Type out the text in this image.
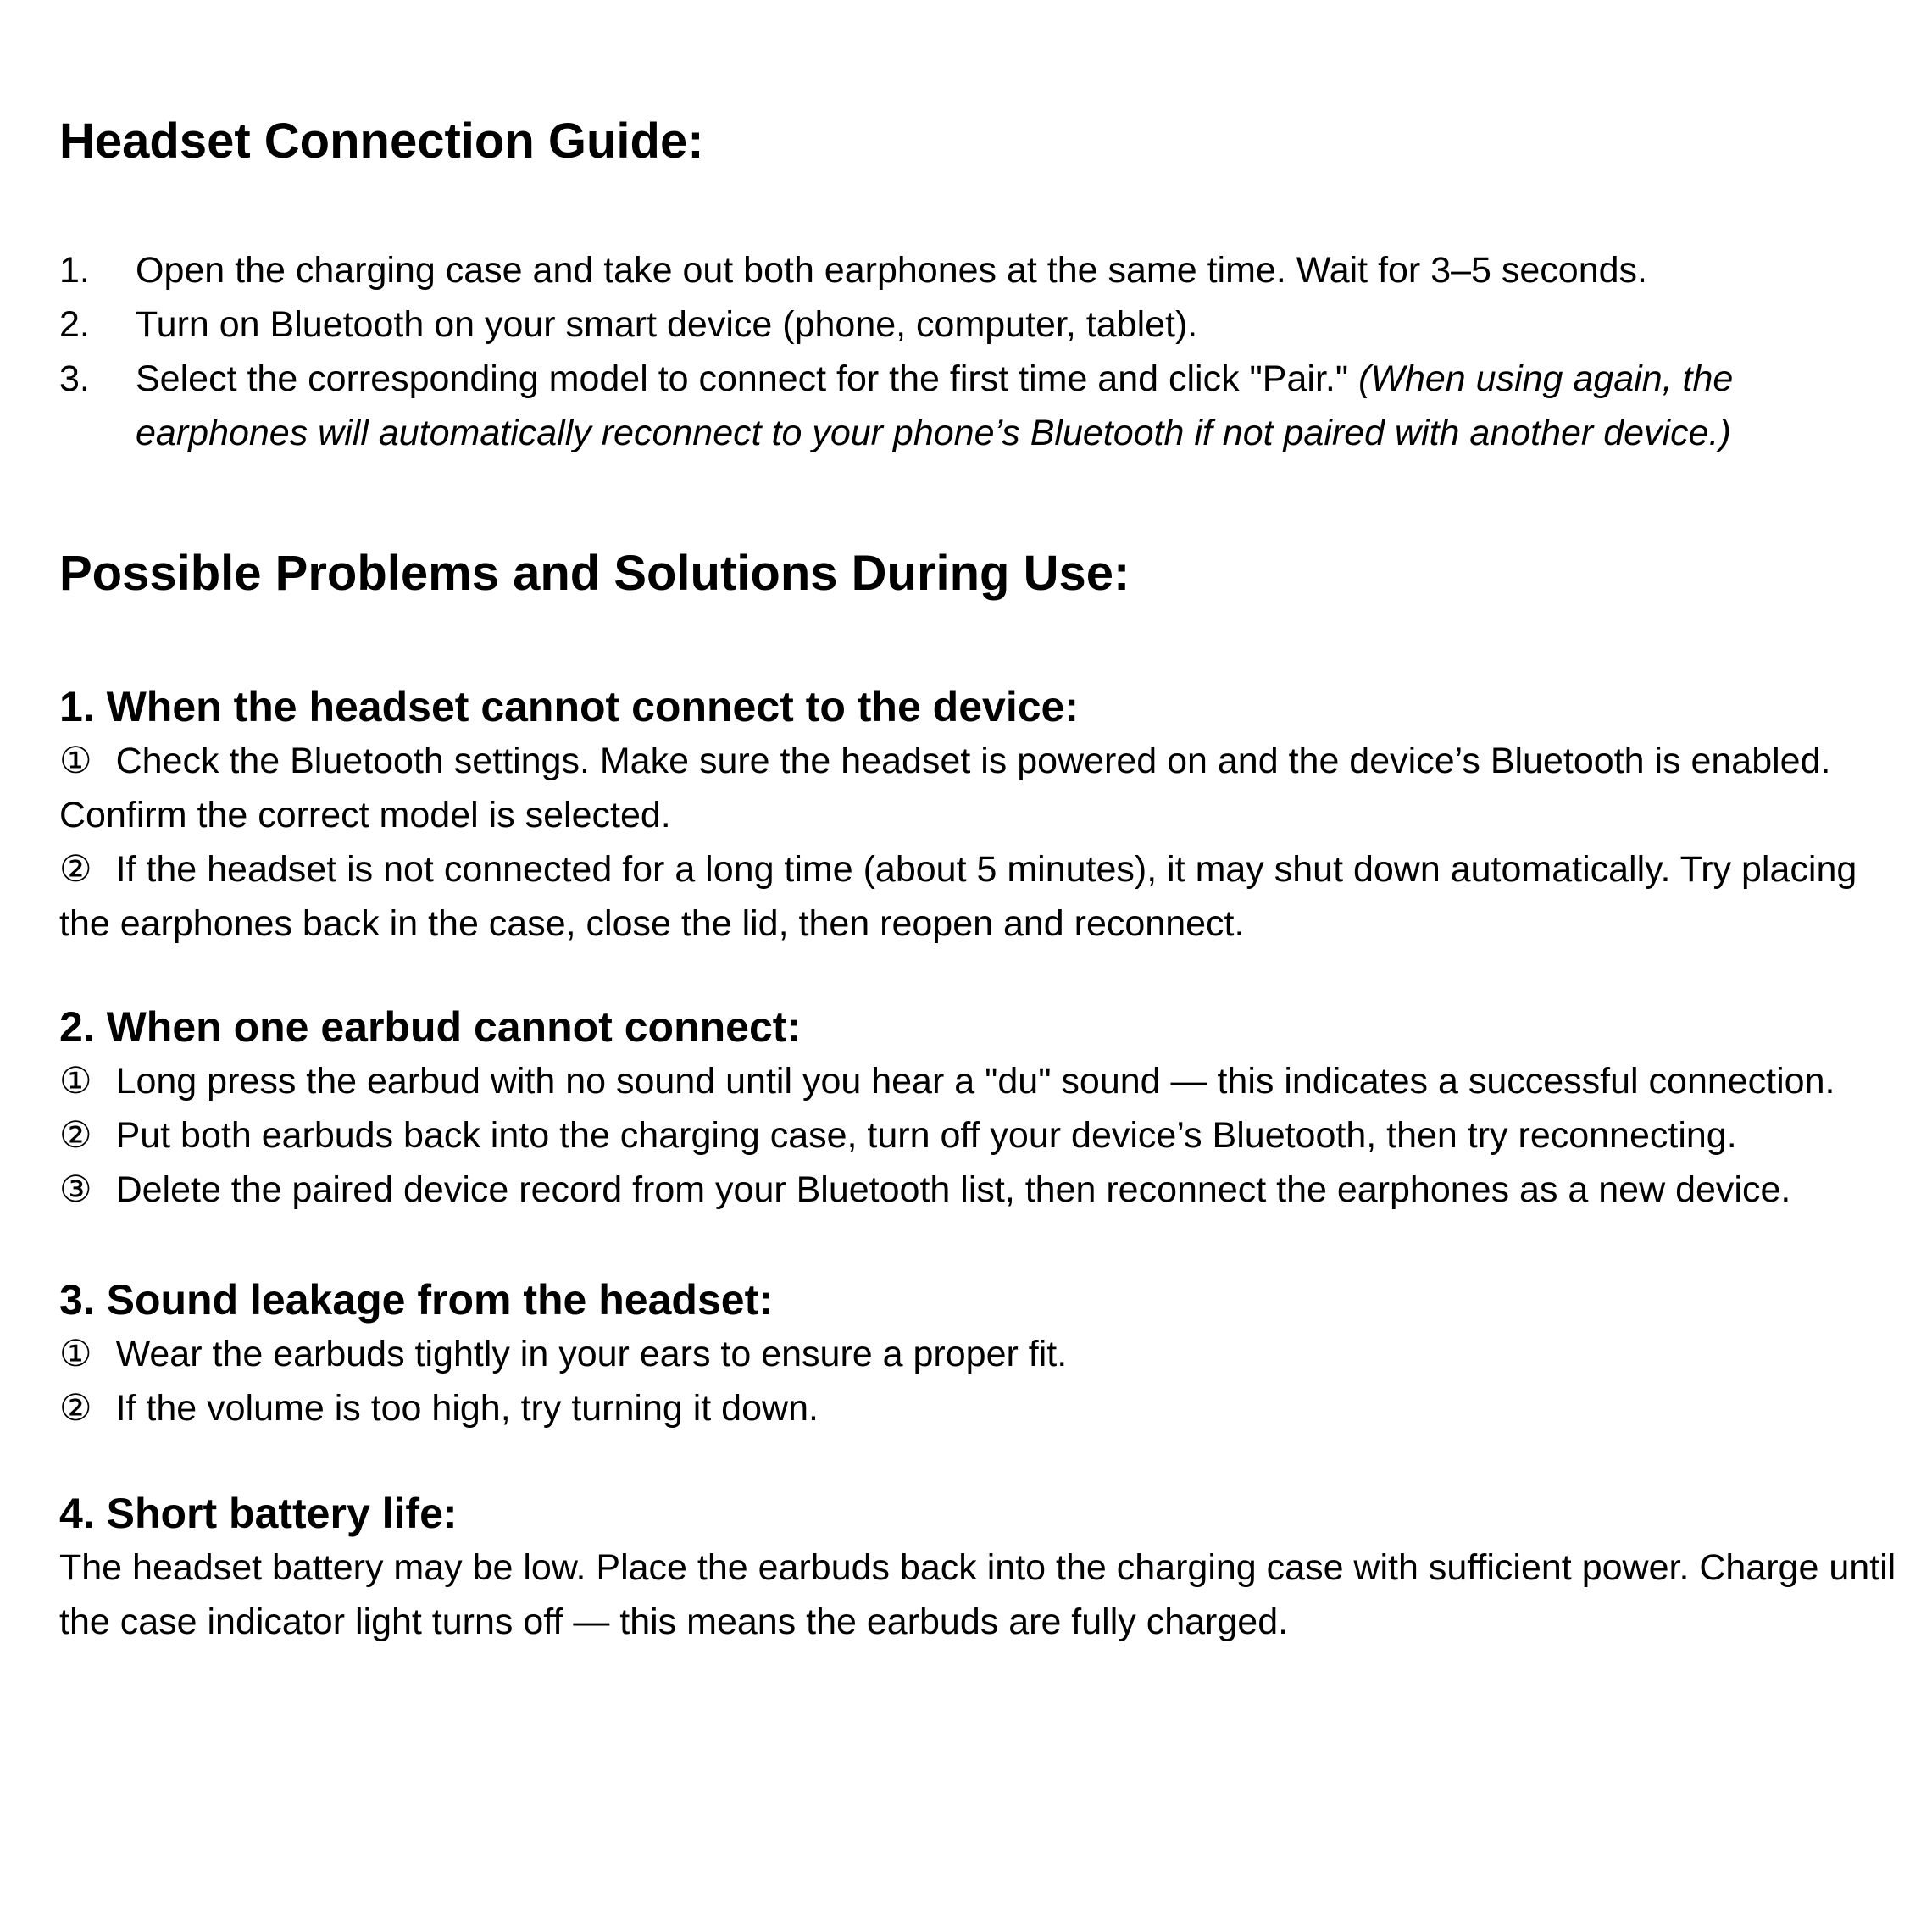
Headset Connection Guide:
1.	Open the charging case and take out both earphones at the same time. Wait for 3–5 seconds.
2.	Turn on Bluetooth on your smart device (phone, computer, tablet).
3.	Select the corresponding model to connect for the first time and click "Pair." (When using again, the earphones will automatically reconnect to your phone’s Bluetooth if not paired with another device.)
Possible Problems and Solutions During Use:
1. When the headset cannot connect to the device:

① Check the Bluetooth settings. Make sure the headset is powered on and the device’s Bluetooth is enabled. Confirm the correct model is selected.

② If the headset is not connected for a long time (about 5 minutes), it may shut down automatically. Try placing the earphones back in the case, close the lid, then reopen and reconnect.

2. When one earbud cannot connect:

① Long press the earbud with no sound until you hear a "du" sound — this indicates a successful connection.

② Put both earbuds back into the charging case, turn off your device’s Bluetooth, then try reconnecting.

③ Delete the paired device record from your Bluetooth list, then reconnect the earphones as a new device.

3. Sound leakage from the headset:

① Wear the earbuds tightly in your ears to ensure a proper fit.

② If the volume is too high, try turning it down.

4. Short battery life:

The headset battery may be low. Place the earbuds back into the charging case with sufficient power. Charge until the case indicator light turns off — this means the earbuds are fully charged.
